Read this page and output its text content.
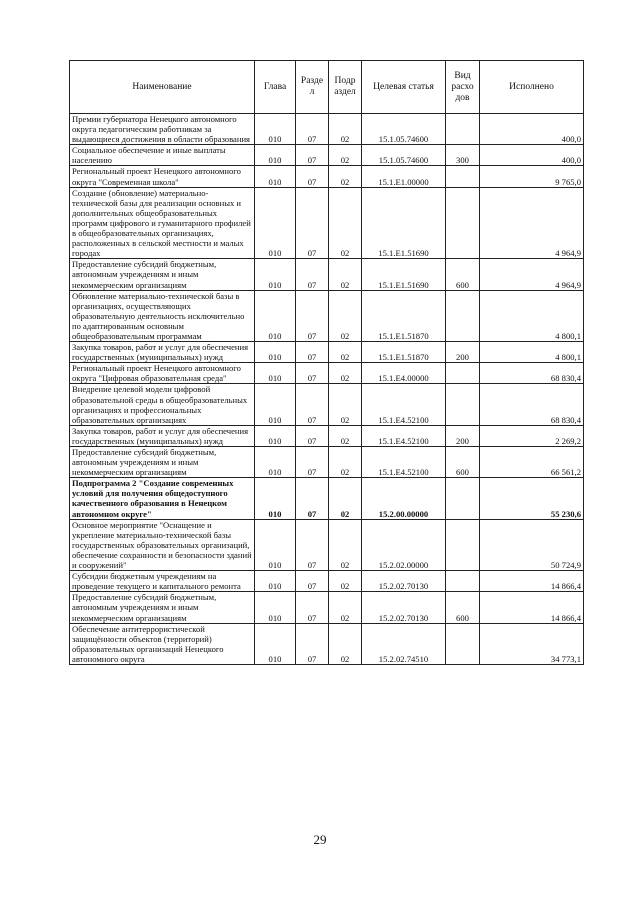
Наименование	Глава	Разде л	Подр аздел	Целевая статья	Вид расхо дов	Исполнено
Премии губернатора Ненецкого автономного округа педагогическим работникам за выдающиеся достижения в области образования	010	07	02	15.1.05.74600		400,0
Социальное обеспечение и иные выплаты населению	010	07	02	15.1.05.74600	300	400,0
Региональный проект Ненецкого автономного округа "Современная школа"	010	07	02	15.1.E1.00000		9 765,0
Создание (обновление) материально-технической базы для реализации основных и дополнительных общеобразовательных программ цифрового и гуманитарного профилей в общеобразовательных организациях, расположенных в сельской местности и малых городах	010	07	02	15.1.E1.51690		4 964,9
Предоставление субсидий бюджетным, автономным учреждениям и иным некоммерческим организациям	010	07	02	15.1.E1.51690	600	4 964,9
Обновление материально-технической базы в организациях, осуществляющих образовательную деятельность исключительно по адаптированным основным общеобразовательным программам	010	07	02	15.1.E1.51870		4 800,1
Закупка товаров, работ и услуг для обеспечения государственных (муниципальных) нужд	010	07	02	15.1.E1.51870	200	4 800,1
Региональный проект Ненецкого автономного округа "Цифровая образовательная среда"	010	07	02	15.1.E4.00000		68 830,4
Внедрение целевой модели цифровой образовательной среды в общеобразовательных организациях и профессиональных образовательных организациях	010	07	02	15.1.E4.52100		68 830,4
Закупка товаров, работ и услуг для обеспечения государственных (муниципальных) нужд	010	07	02	15.1.E4.52100	200	2 269,2
Предоставление субсидий бюджетным, автономным учреждениям и иным некоммерческим организациям	010	07	02	15.1.E4.52100	600	66 561,2
Подпрограмма 2 "Создание современных условий для получения общедоступного качественного образования в Ненецком автономном округе"	010	07	02	15.2.00.00000		55 230,6
Основное мероприятие "Оснащение и укрепление материально-технической базы государственных образовательных организаций, обеспечение сохранности и безопасности зданий и сооружений"	010	07	02	15.2.02.00000		50 724,9
Субсидии бюджетным учреждениям на проведение текущего и капитального ремонта	010	07	02	15.2.02.70130		14 866,4
Предоставление субсидий бюджетным, автономным учреждениям и иным некоммерческим организациям	010	07	02	15.2.02.70130	600	14 866,4
Обеспечение антитеррористической защищённости объектов (территорий) образовательных организаций Ненецкого автономного округа	010	07	02	15.2.02.74510		34 773,1
29
